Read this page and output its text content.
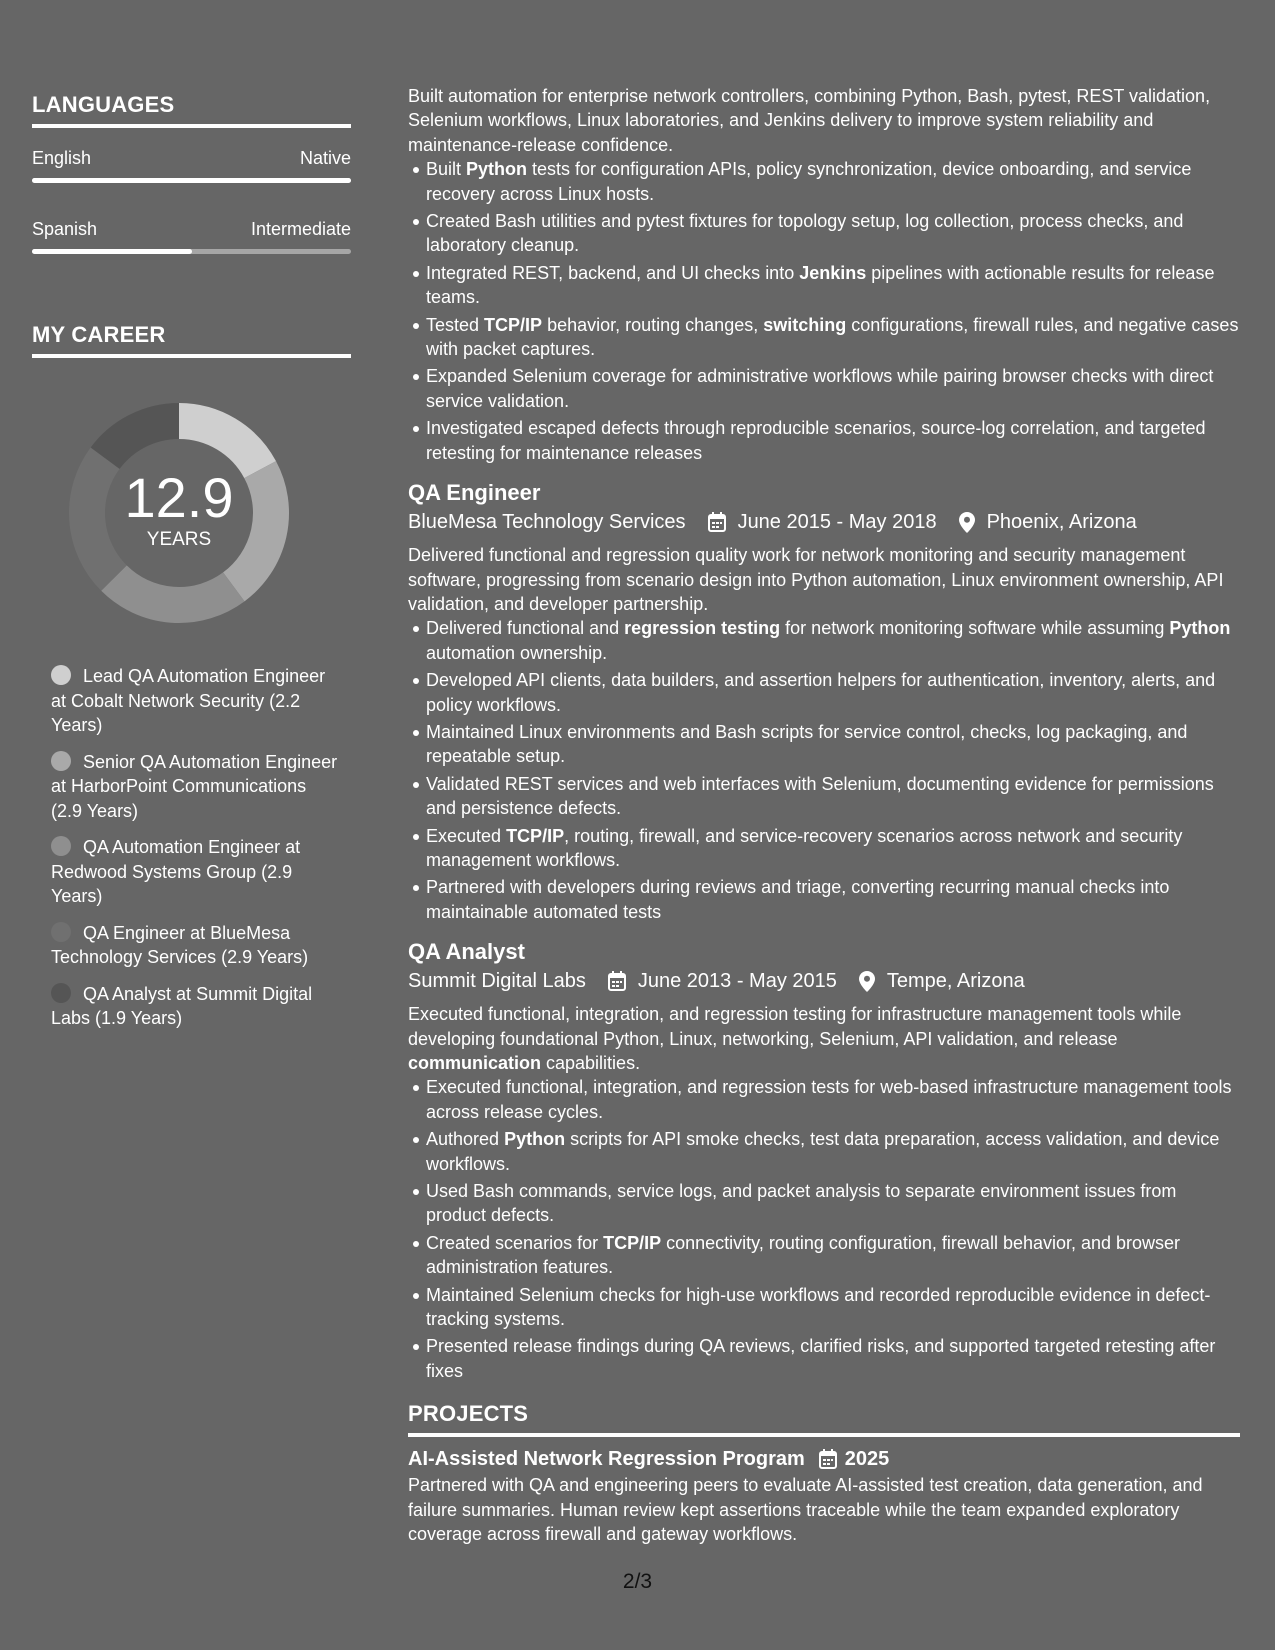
LANGUAGES
English	Native
Spanish	Intermediate
MY CAREER
12.9
YEARS
Lead QA Automation Engineer at Cobalt Network Security (2.2 Years)
Senior QA Automation Engineer at HarborPoint Communications (2.9 Years)
QA Automation Engineer at Redwood Systems Group (2.9 Years)
QA Engineer at BlueMesa Technology Services (2.9 Years)
QA Analyst at Summit Digital Labs (1.9 Years)

Built automation for enterprise network controllers, combining Python, Bash, pytest, REST validation, Selenium workflows, Linux laboratories, and Jenkins delivery to improve system reliability and maintenance-release confidence.

Built Python tests for configuration APIs, policy synchronization, device onboarding, and service recovery across Linux hosts.
Created Bash utilities and pytest fixtures for topology setup, log collection, process checks, and laboratory cleanup.
Integrated REST, backend, and UI checks into Jenkins pipelines with actionable results for release teams.
Tested TCP/IP behavior, routing changes, switching configurations, firewall rules, and negative cases with packet captures.
Expanded Selenium coverage for administrative workflows while pairing browser checks with direct service validation.
Investigated escaped defects through reproducible scenarios, source-log correlation, and targeted retesting for maintenance releases
QA Engineer
BlueMesa Technology Services	June 2015 - May 2018	Phoenix, Arizona

Delivered functional and regression quality work for network monitoring and security management software, progressing from scenario design into Python automation, Linux environment ownership, API validation, and developer partnership.

Delivered functional and regression testing for network monitoring software while assuming Python automation ownership.
Developed API clients, data builders, and assertion helpers for authentication, inventory, alerts, and policy workflows.
Maintained Linux environments and Bash scripts for service control, checks, log packaging, and repeatable setup.
Validated REST services and web interfaces with Selenium, documenting evidence for permissions and persistence defects.
Executed TCP/IP, routing, firewall, and service-recovery scenarios across network and security management workflows.
Partnered with developers during reviews and triage, converting recurring manual checks into maintainable automated tests
QA Analyst
Summit Digital Labs	June 2013 - May 2015	Tempe, Arizona

Executed functional, integration, and regression testing for infrastructure management tools while developing foundational Python, Linux, networking, Selenium, API validation, and release communication capabilities.

Executed functional, integration, and regression tests for web-based infrastructure management tools across release cycles.
Authored Python scripts for API smoke checks, test data preparation, access validation, and device workflows.
Used Bash commands, service logs, and packet analysis to separate environment issues from product defects.
Created scenarios for TCP/IP connectivity, routing configuration, firewall behavior, and browser administration features.
Maintained Selenium checks for high-use workflows and recorded reproducible evidence in defect-tracking systems.
Presented release findings during QA reviews, clarified risks, and supported targeted retesting after fixes
PROJECTS
AI-Assisted Network Regression Program 2025

Partnered with QA and engineering peers to evaluate AI-assisted test creation, data generation, and failure summaries. Human review kept assertions traceable while the team expanded exploratory coverage across firewall and gateway workflows.

2/3
